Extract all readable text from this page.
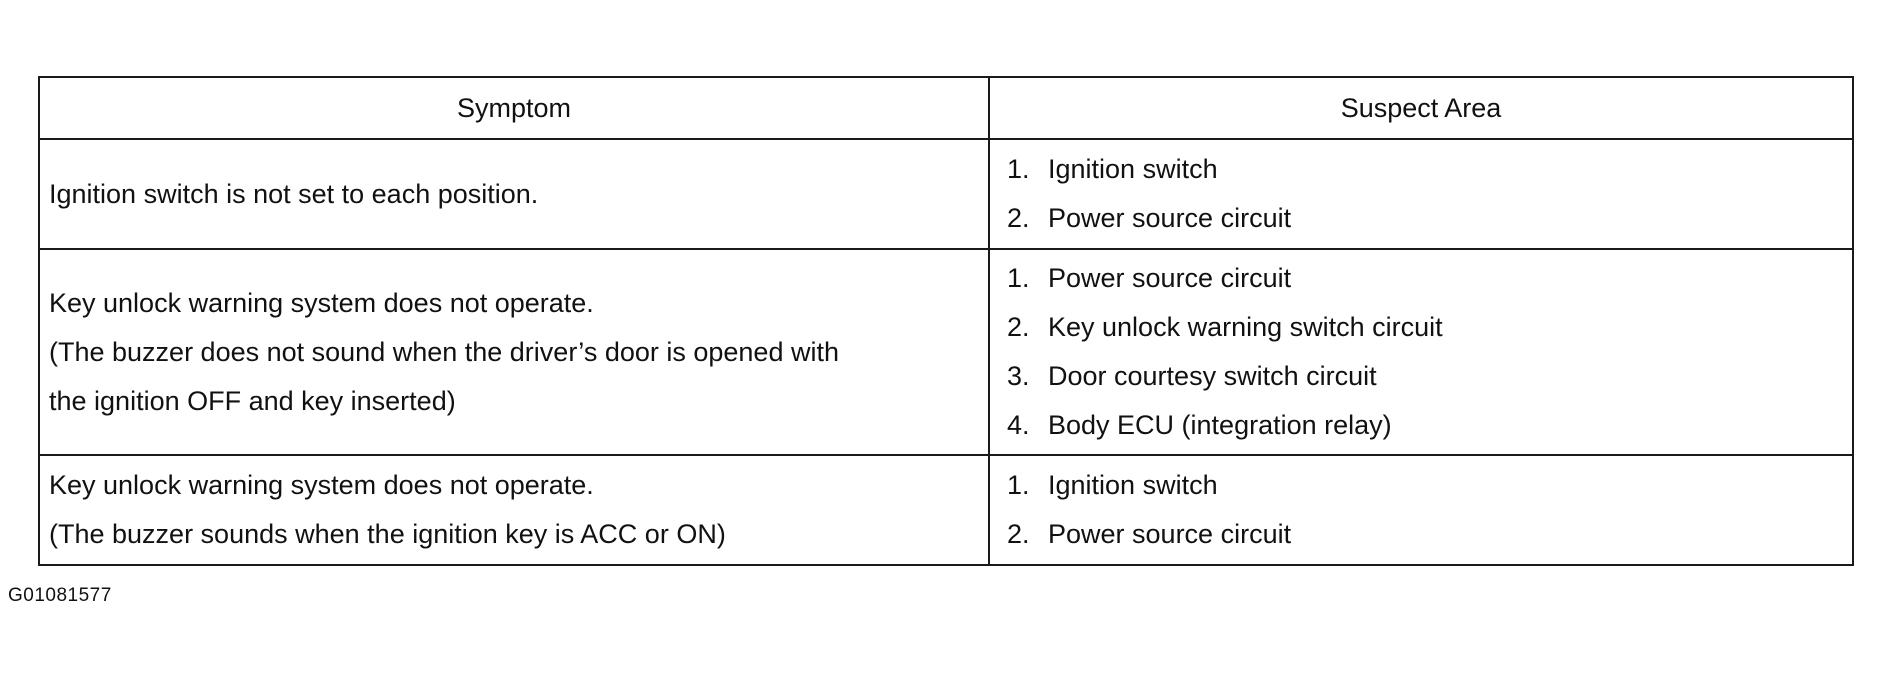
Symptom	Suspect Area

Ignition switch is not set to each position.	1. Ignition switch
2. Power source circuit

Key unlock warning system does not operate.
(The buzzer does not sound when the driver’s door is opened with
the ignition OFF and key inserted)	1. Power source circuit
2. Key unlock warning switch circuit
3. Door courtesy switch circuit
4. Body ECU (integration relay)

Key unlock warning system does not operate.
(The buzzer sounds when the ignition key is ACC or ON)	1. Ignition switch
2. Power source circuit
G01081577
